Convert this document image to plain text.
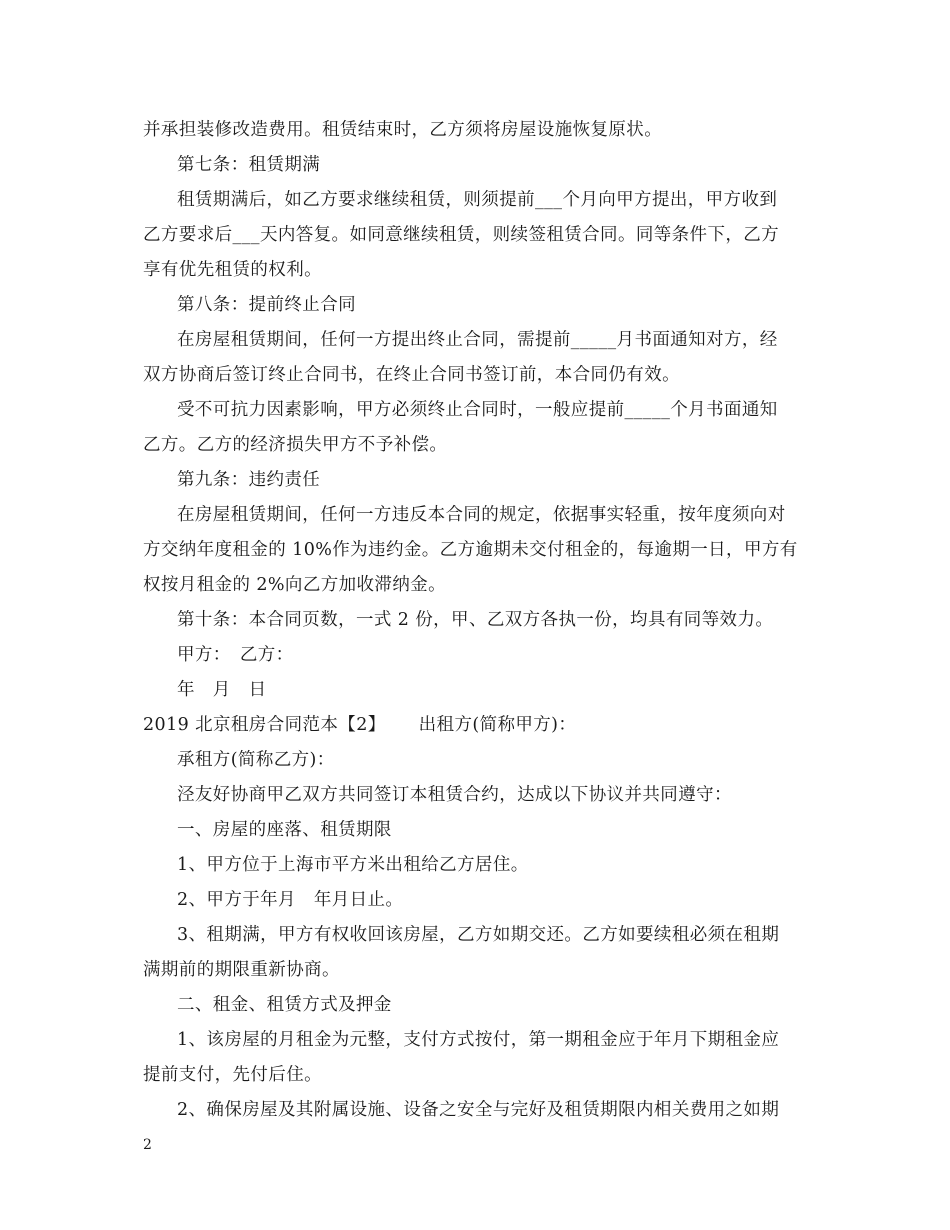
并承担装修改造费用。租赁结束时，乙方须将房屋设施恢复原状。
第七条：租赁期满
租赁期满后，如乙方要求继续租赁，则须提前___个月向甲方提出，甲方收到
乙方要求后___天内答复。如同意继续租赁，则续签租赁合同。同等条件下，乙方
享有优先租赁的权利。
第八条：提前终止合同
在房屋租赁期间，任何一方提出终止合同，需提前_____月书面通知对方，经
双方协商后签订终止合同书，在终止合同书签订前，本合同仍有效。
受不可抗力因素影响，甲方必须终止合同时，一般应提前_____个月书面通知
乙方。乙方的经济损失甲方不予补偿。
第九条：违约责任
在房屋租赁期间，任何一方违反本合同的规定，依据事实轻重，按年度须向对
方交纳年度租金的 10%作为违约金。乙方逾期未交付租金的，每逾期一日，甲方有
权按月租金的 2%向乙方加收滞纳金。
第十条：本合同页数，一式 2 份，甲、乙双方各执一份，均具有同等效力。
甲方：　乙方：
年　月　日
2019 北京租房合同范本【2】　　 出租方(简称甲方)：
承租方(简称乙方)：
泾友好协商甲乙双方共同签订本租赁合约，达成以下协议并共同遵守：
一、房屋的座落、租赁期限
1、甲方位于上海市平方米出租给乙方居住。
2、甲方于年月　年月日止。
3、租期满，甲方有权收回该房屋，乙方如期交还。乙方如要续租必须在租期
满期前的期限重新协商。
二、租金、租赁方式及押金
1、该房屋的月租金为元整，支付方式按付，第一期租金应于年月下期租金应
提前支付，先付后住。
2、确保房屋及其附属设施、设备之安全与完好及租赁期限内相关费用之如期
2
